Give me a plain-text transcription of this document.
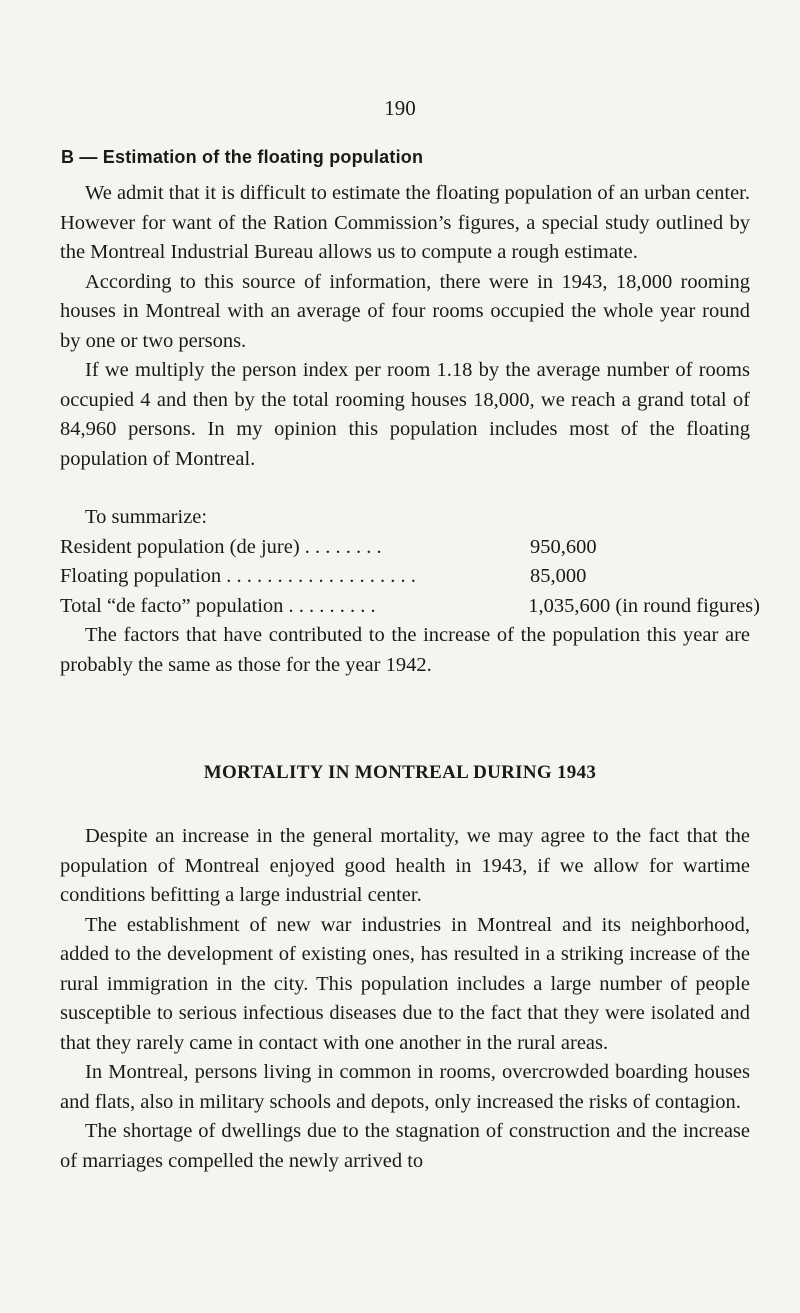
190
B — Estimation of the floating population

We admit that it is difficult to estimate the floating population of an urban center. However for want of the Ration Commission’s figures, a special study outlined by the Montreal Industrial Bureau allows us to compute a rough estimate.

According to this source of information, there were in 1943, 18,000 rooming houses in Montreal with an average of four rooms occupied the whole year round by one or two persons.

If we multiply the person index per room 1.18 by the average number of rooms occupied 4 and then by the total rooming houses 18,000, we reach a grand total of 84,960 persons. In my opinion this population includes most of the floating population of Montreal.

To summarize:
Resident population (de jure) . . . . . . . .	950,600
Floating population . . . . . . . . . . . . . . . . . . .	85,000
Total “de facto” population . . . . . . . . .	1,035,600 (in round figures)

The factors that have contributed to the increase of the population this year are probably the same as those for the year 1942.

MORTALITY IN MONTREAL DURING 1943

Despite an increase in the general mortality, we may agree to the fact that the population of Montreal enjoyed good health in 1943, if we allow for wartime conditions befitting a large industrial center.

The establishment of new war industries in Montreal and its neighborhood, added to the development of existing ones, has resulted in a striking increase of the rural immigration in the city. This population includes a large number of people susceptible to serious infectious diseases due to the fact that they were isolated and that they rarely came in contact with one another in the rural areas.

In Montreal, persons living in common in rooms, overcrowded boarding houses and flats, also in military schools and depots, only increased the risks of contagion.

The shortage of dwellings due to the stagnation of construction and the increase of marriages compelled the newly arrived to
